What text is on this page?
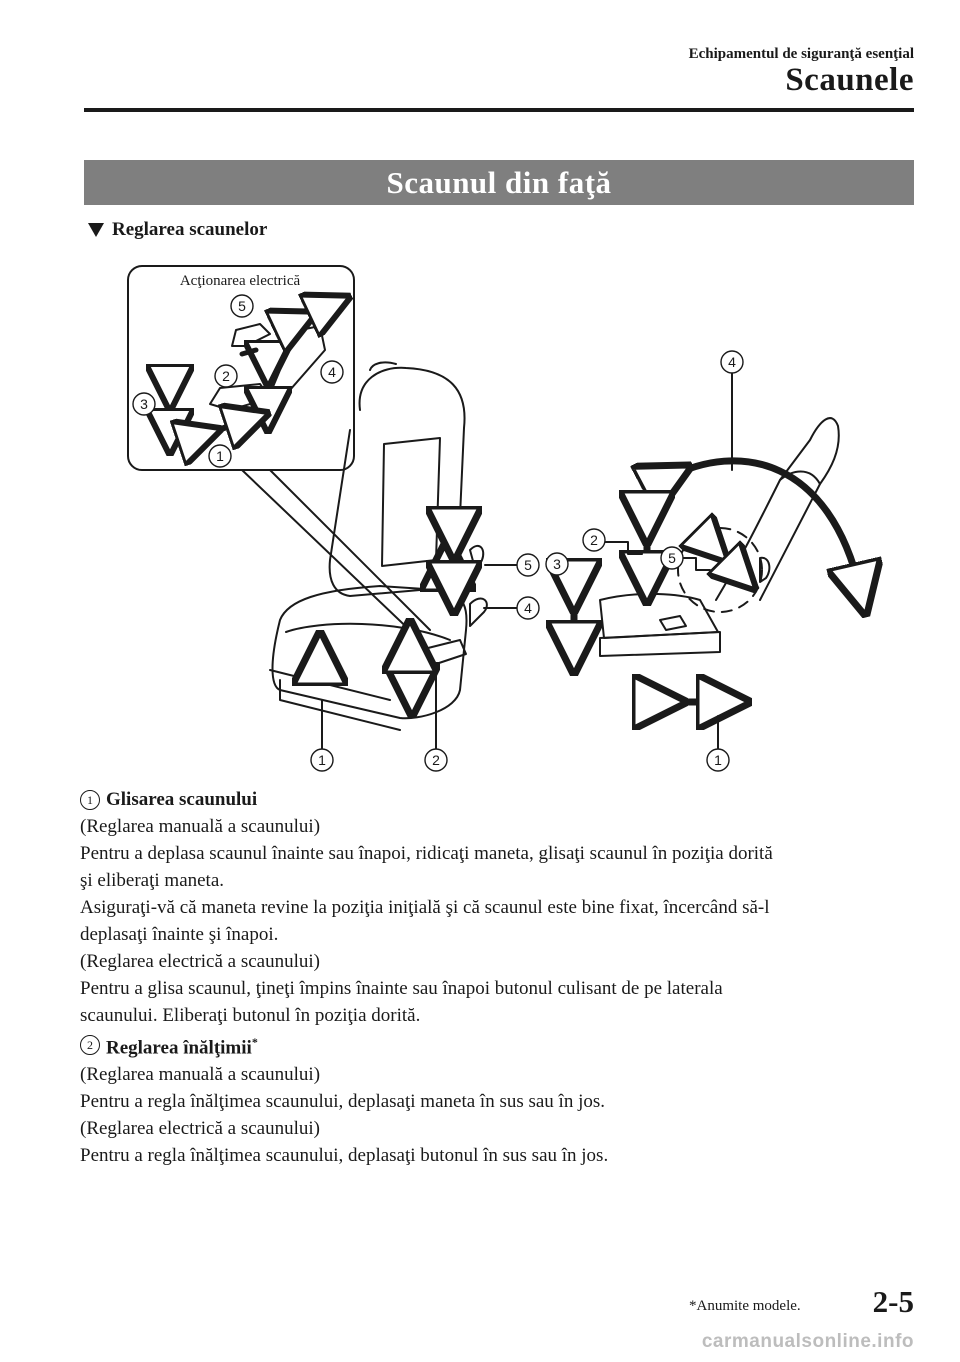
Echipamentul de siguranţă esenţial
Scaunele
Scaunul din faţă
Reglarea scaunelor
1
2
3
4
5
1	2
5
4
1
4
2
3	5
Acţionarea electrică

1 Glisarea scaunului

(Reglarea manuală a scaunului)

Pentru a deplasa scaunul înainte sau înapoi, ridicaţi maneta, glisaţi scaunul în poziţia dorită

şi eliberaţi maneta.

Asiguraţi-vă că maneta revine la poziţia iniţială şi că scaunul este bine fixat, încercând să-l

deplasaţi înainte şi înapoi.

(Reglarea electrică a scaunului)

Pentru a glisa scaunul, ţineţi împins înainte sau înapoi butonul culisant de pe laterala

scaunului. Eliberaţi butonul în poziţia dorită.

2 Reglarea înălţimii*

(Reglarea manuală a scaunului)

Pentru a regla înălţimea scaunului, deplasaţi maneta în sus sau în jos.

(Reglarea electrică a scaunului)

Pentru a regla înălţimea scaunului, deplasaţi butonul în sus sau în jos.

*Anumite modele. 2-5
carmanualsonline.info
